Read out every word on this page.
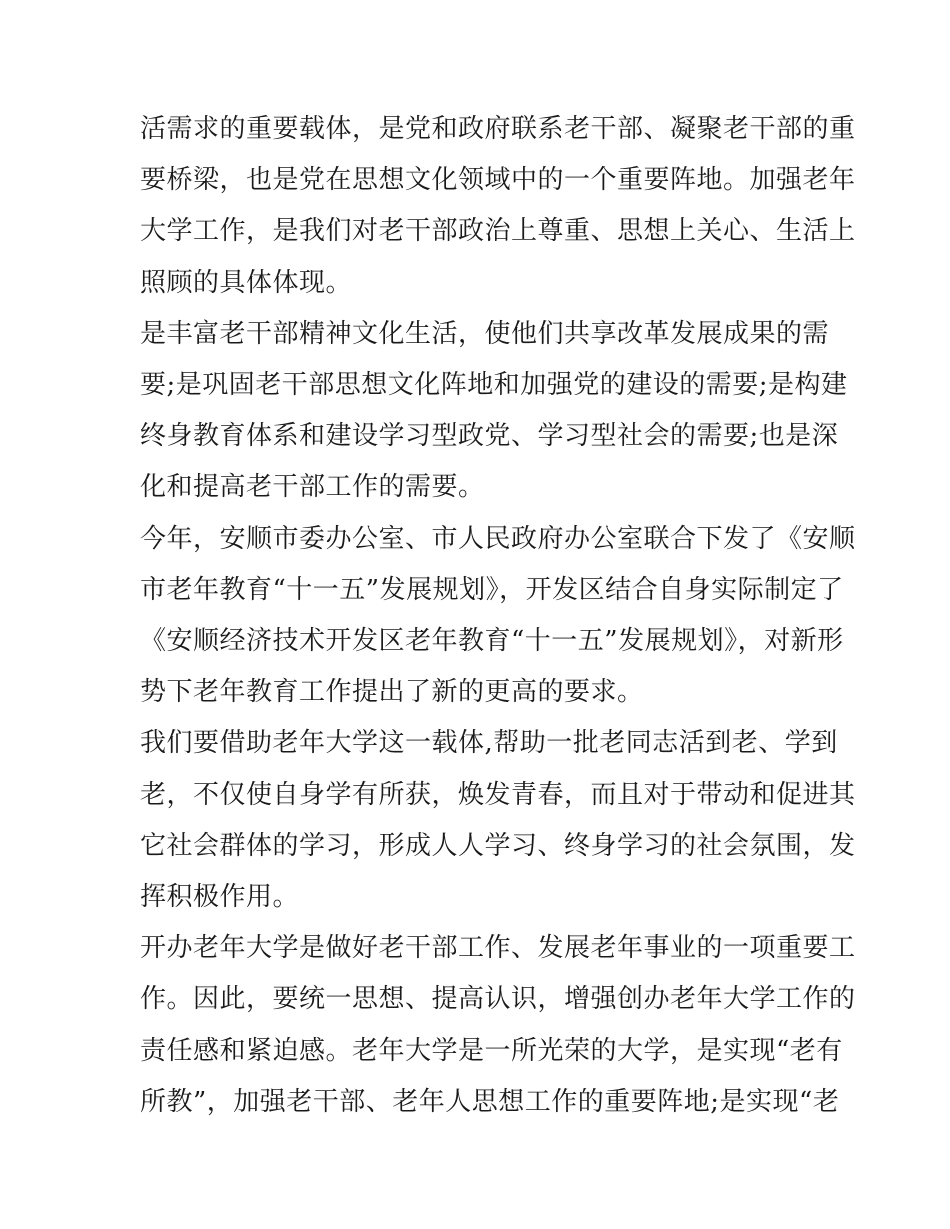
活需求的重要载体，是党和政府联系老干部、凝聚老干部的重
要桥梁，也是党在思想文化领域中的一个重要阵地。加强老年
大学工作，是我们对老干部政治上尊重、思想上关心、生活上
照顾的具体体现。

是丰富老干部精神文化生活，使他们共享改革发展成果的需
要;是巩固老干部思想文化阵地和加强党的建设的需要;是构建
终身教育体系和建设学习型政党、学习型社会的需要;也是深
化和提高老干部工作的需要。

今年，安顺市委办公室、市人民政府办公室联合下发了《安顺
市老年教育“十一五”发展规划》，开发区结合自身实际制定了
《安顺经济技术开发区老年教育“十一五”发展规划》，对新形
势下老年教育工作提出了新的更高的要求。

我们要借助老年大学这一载体,帮助一批老同志活到老、学到
老，不仅使自身学有所获，焕发青春，而且对于带动和促进其
它社会群体的学习，形成人人学习、终身学习的社会氛围，发
挥积极作用。

开办老年大学是做好老干部工作、发展老年事业的一项重要工
作。因此，要统一思想、提高认识，增强创办老年大学工作的
责任感和紧迫感。老年大学是一所光荣的大学，是实现“老有
所教”，加强老干部、老年人思想工作的重要阵地;是实现“老
